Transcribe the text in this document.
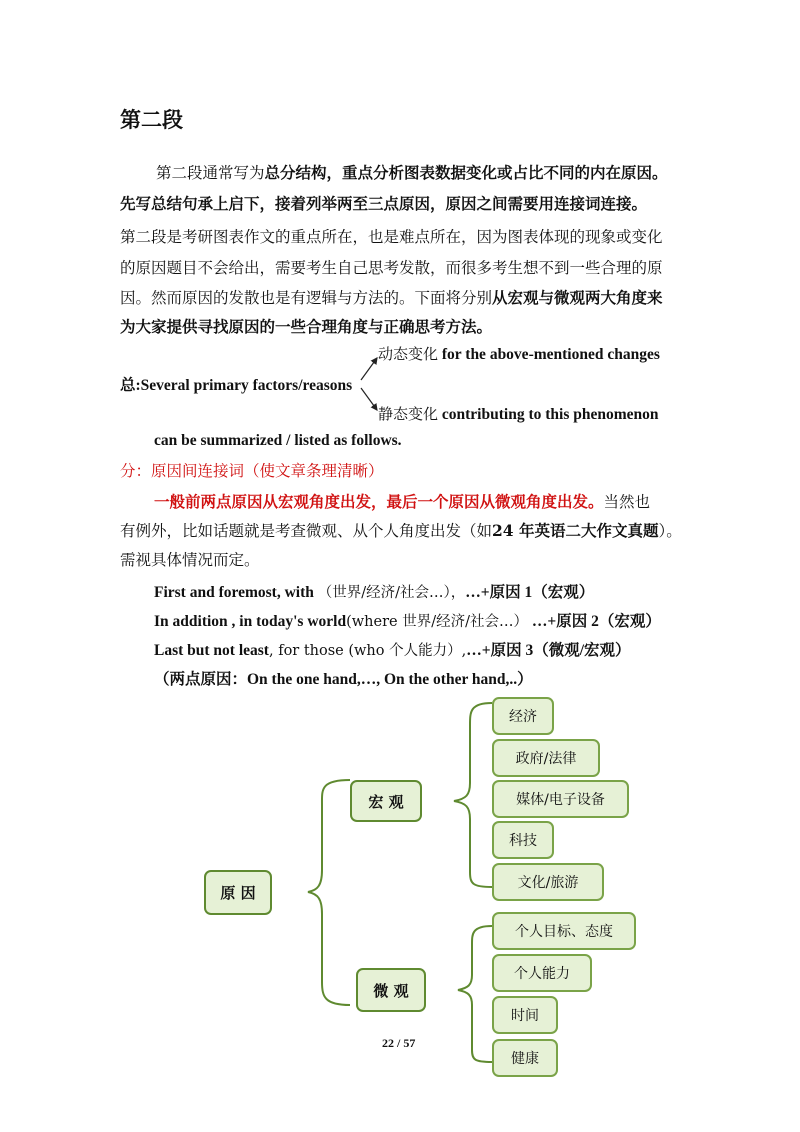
第二段
第二段通常写为总分结构，重点分析图表数据变化或占比不同的内在原因。
先写总结句承上启下，接着列举两至三点原因，原因之间需要用连接词连接。
第二段是考研图表作文的重点所在，也是难点所在，因为图表体现的现象或变化
的原因题目不会给出，需要考生自己思考发散，而很多考生想不到一些合理的原
因。然而原因的发散也是有逻辑与方法的。下面将分别从宏观与微观两大角度来
为大家提供寻找原因的一些合理角度与正确思考方法。
动态变化 for the above-mentioned changes
总:Several primary factors/reasons
静态变化 contributing to this phenomenon
can be summarized / listed as follows.
分：原因间连接词（使文章条理清晰）
一般前两点原因从宏观角度出发，最后一个原因从微观角度出发。当然也
有例外，比如话题就是考查微观、从个人角度出发（如24 年英语二大作文真题）。
需视具体情况而定。
First and foremost, with （世界/经济/社会…），…+原因 1（宏观）
In addition , in today's world(where 世界/经济/社会…） …+原因 2（宏观）
Last but not least, for those (who 个人能力）,…+原因 3（微观/宏观）
（两点原因：On the one hand,…, On the other hand,..）
原 因
宏 观
微 观
经济
政府/法律
媒体/电子设备
科技
文化/旅游
个人目标、态度
个人能力
时间
健康
22 / 57
